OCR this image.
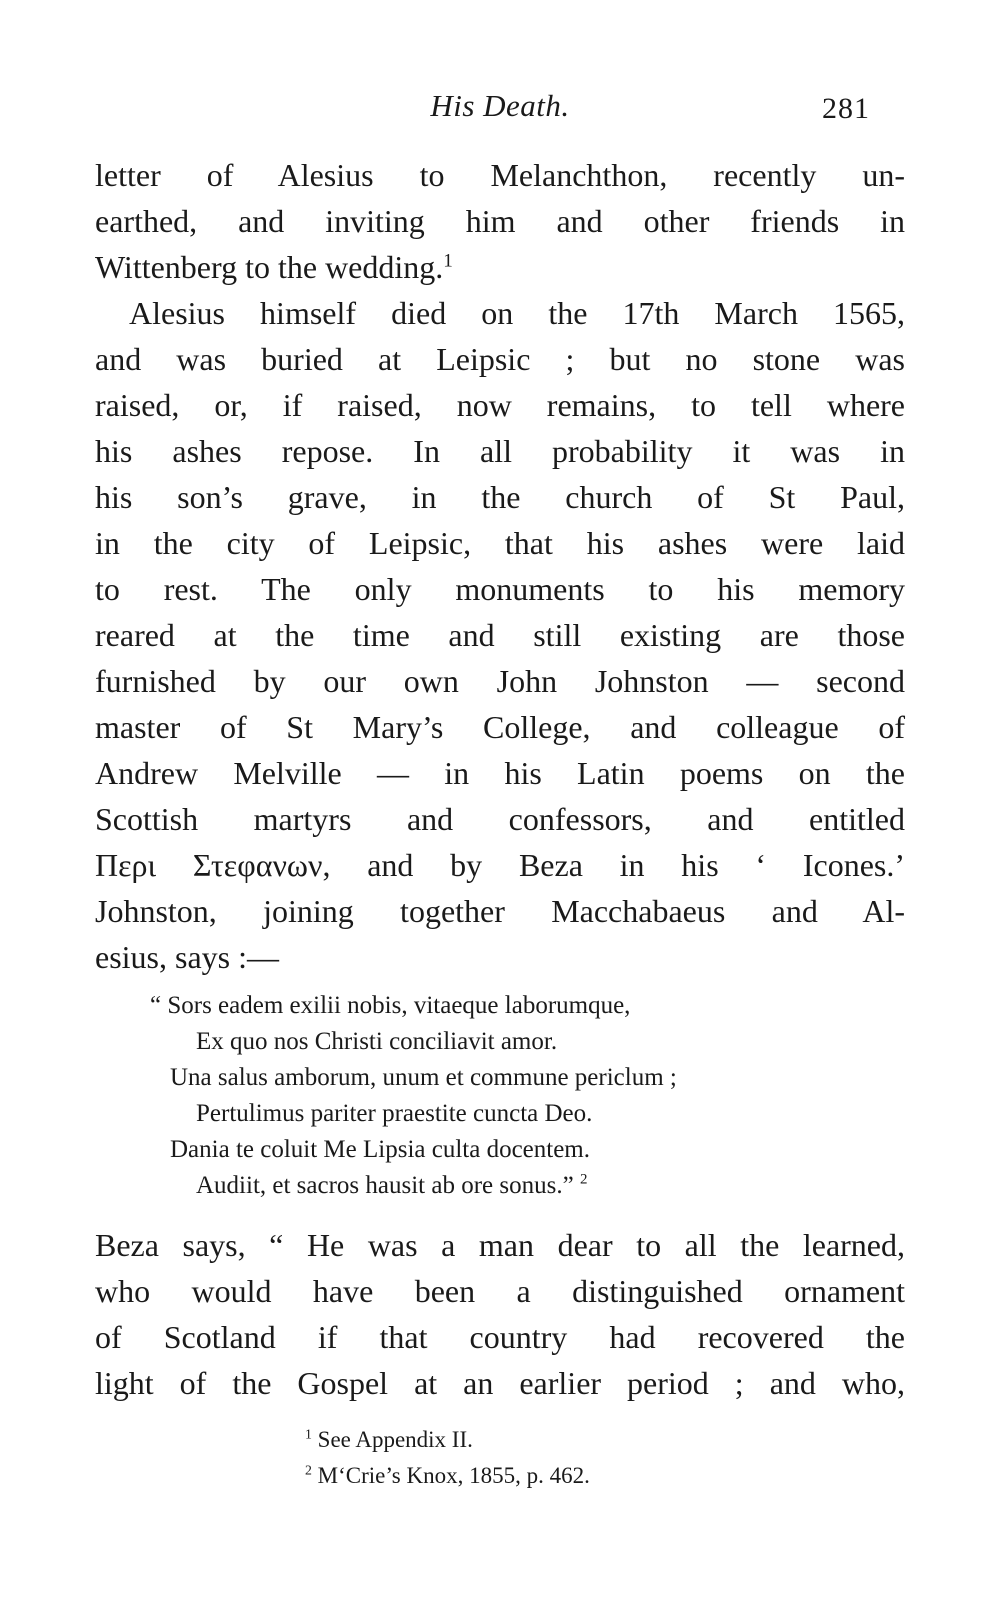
His Death.	281
letter of Alesius to Melanchthon, recently un-
earthed, and inviting him and other friends in
Wittenberg to the wedding.$^1$
Alesius himself died on the 17th March 1565,
and was buried at Leipsic ; but no stone was
raised, or, if raised, now remains, to tell where
his ashes repose. In all probability it was in
his son’s grave, in the church of St Paul,
in the city of Leipsic, that his ashes were laid
to rest. The only monuments to his memory
reared at the time and still existing are those
furnished by our own John Johnston — second
master of St Mary’s College, and colleague of
Andrew Melville — in his Latin poems on the
Scottish martyrs and confessors, and entitled
Περι Στεφανων, and by Beza in his ‘ Icones.’
Johnston, joining together Macchabaeus and Al-
esius, says :—
“ Sors eadem exilii nobis, vitaeque laborumque,
Ex quo nos Christi conciliavit amor.
Una salus amborum, unum et commune periclum ;
Pertulimus pariter praestite cuncta Deo.
Dania te coluit Me Lipsia culta docentem.
Audiit, et sacros hausit ab ore sonus.” $^2$
Beza says, “ He was a man dear to all the learned,
who would have been a distinguished ornament
of Scotland if that country had recovered the
light of the Gospel at an earlier period ; and who,
$^1$ See Appendix II.
$^2$ M‘Crie’s Knox, 1855, p. 462.
